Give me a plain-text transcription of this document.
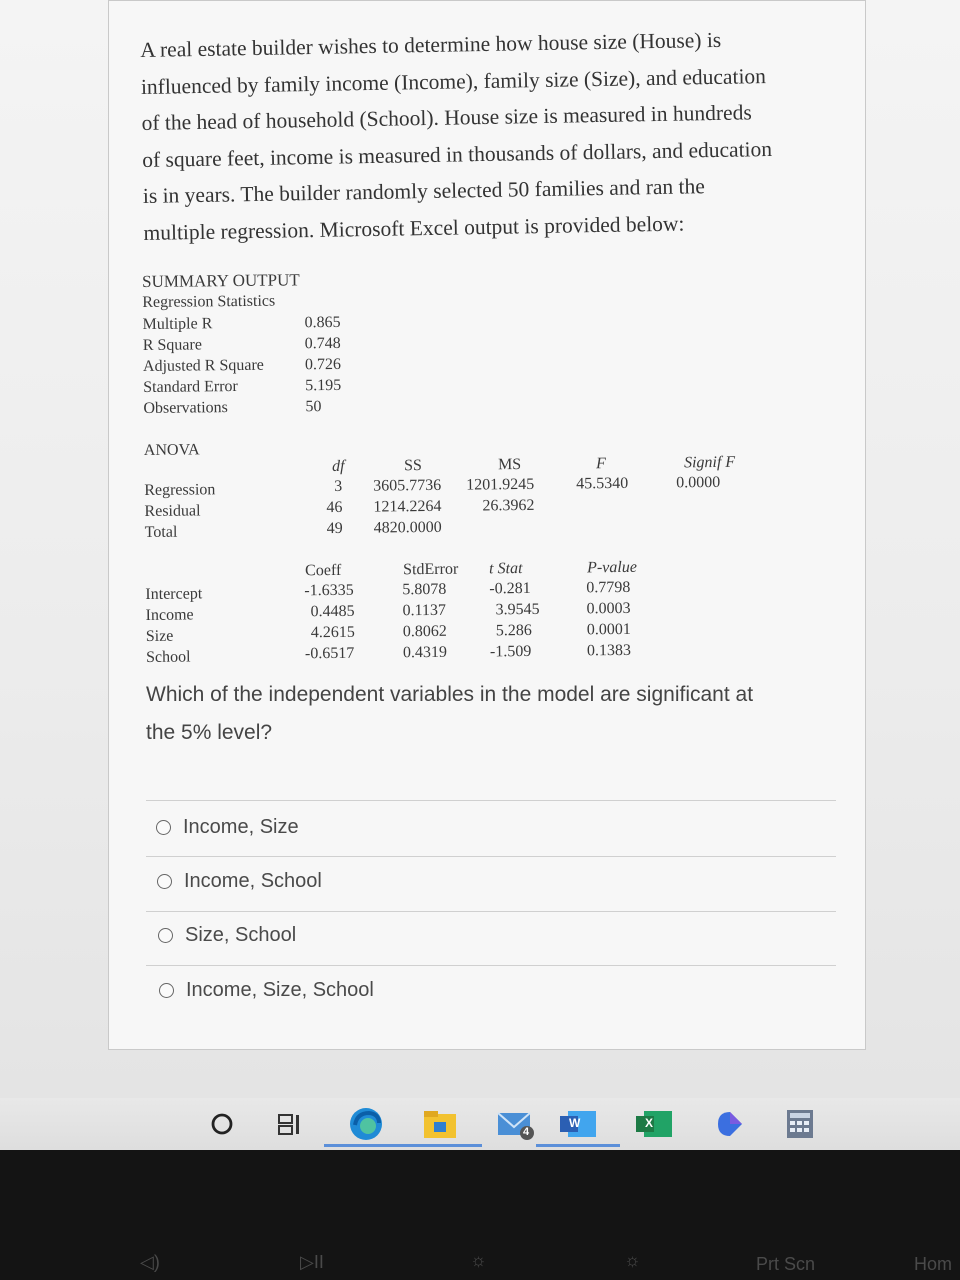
A real estate builder wishes to determine how house size (House) is
influenced by family income (Income), family size (Size), and education
of the head of household (School). House size is measured in hundreds
of square feet, income is measured in thousands of dollars, and education
is in years. The builder randomly selected 50 families and ran the
multiple regression. Microsoft Excel output is provided below:
SUMMARY OUTPUT
Regression Statistics
Multiple R	0.865
R Square	0.748
Adjusted R Square	0.726
Standard Error	5.195
Observations	50
ANOVA
df	SS	MS	F	Signif F
Regression	3 3605.7736 1201.9245	45.5340	0.0000
Residual	46 1214.2264	26.3962
Total	49 4820.0000
Coeff	StdError t Stat	P-value
Intercept	-1.6335	5.8078	-0.281	0.7798
Income	0.4485	0.1137	3.9545	0.0003
Size	4.2615	0.8062	5.286	0.0001
School	-0.6517	0.4319	-1.509	0.1383
Which of the independent variables in the model are significant at
the 5% level?
Income, Size
Income, School
Size, School
Income, Size, School
4
W	X
◁)	▷II	☼	☼	Prt Scn	Hom
